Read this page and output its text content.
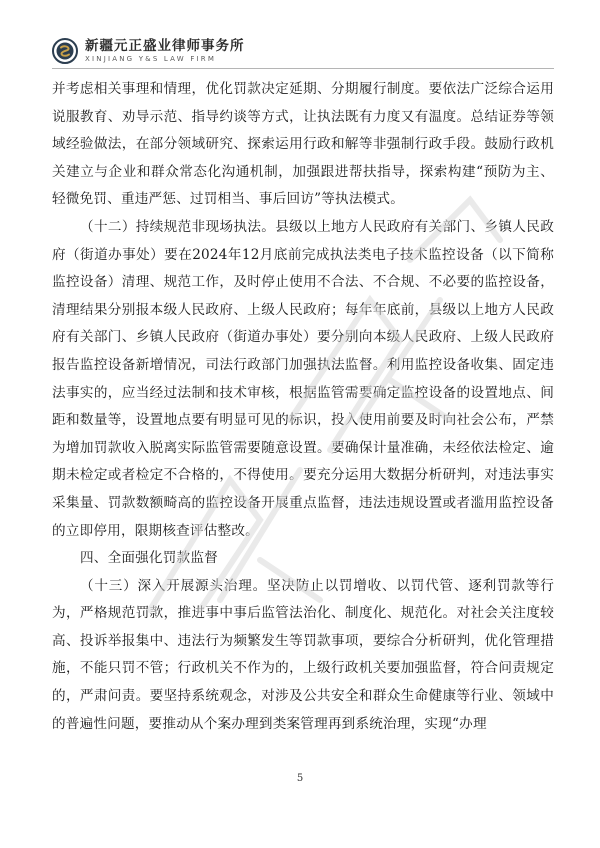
新疆元正盛业律师事务所
XINJIANG Y&S LAW FIRM

并考虑相关事理和情理，优化罚款决定延期、分期履行制度。要依法广泛综合运用说服教育、劝导示范、指导约谈等方式，让执法既有力度又有温度。总结证券等领域经验做法，在部分领域研究、探索运用行政和解等非强制行政手段。鼓励行政机关建立与企业和群众常态化沟通机制，加强跟进帮扶指导，探索构建“预防为主、轻微免罚、重违严惩、过罚相当、事后回访”等执法模式。

（十二）持续规范非现场执法。县级以上地方人民政府有关部门、乡镇人民政府（街道办事处）要在2024年12月底前完成执法类电子技术监控设备（以下简称监控设备）清理、规范工作，及时停止使用不合法、不合规、不必要的监控设备，清理结果分别报本级人民政府、上级人民政府；每年年底前，县级以上地方人民政府有关部门、乡镇人民政府（街道办事处）要分别向本级人民政府、上级人民政府报告监控设备新增情况，司法行政部门加强执法监督。利用监控设备收集、固定违法事实的，应当经过法制和技术审核，根据监管需要确定监控设备的设置地点、间距和数量等，设置地点要有明显可见的标识，投入使用前要及时向社会公布，严禁为增加罚款收入脱离实际监管需要随意设置。要确保计量准确，未经依法检定、逾期未检定或者检定不合格的，不得使用。要充分运用大数据分析研判，对违法事实采集量、罚款数额畸高的监控设备开展重点监督，违法违规设置或者滥用监控设备的立即停用，限期核查评估整改。

四、全面强化罚款监督

（十三）深入开展源头治理。坚决防止以罚增收、以罚代管、逐利罚款等行为，严格规范罚款，推进事中事后监管法治化、制度化、规范化。对社会关注度较高、投诉举报集中、违法行为频繁发生等罚款事项，要综合分析研判，优化管理措施，不能只罚不管；行政机关不作为的，上级行政机关要加强监督，符合问责规定的，严肃问责。要坚持系统观念，对涉及公共安全和群众生命健康等行业、领域中的普遍性问题，要推动从个案办理到类案管理再到系统治理，实现“办理

5
